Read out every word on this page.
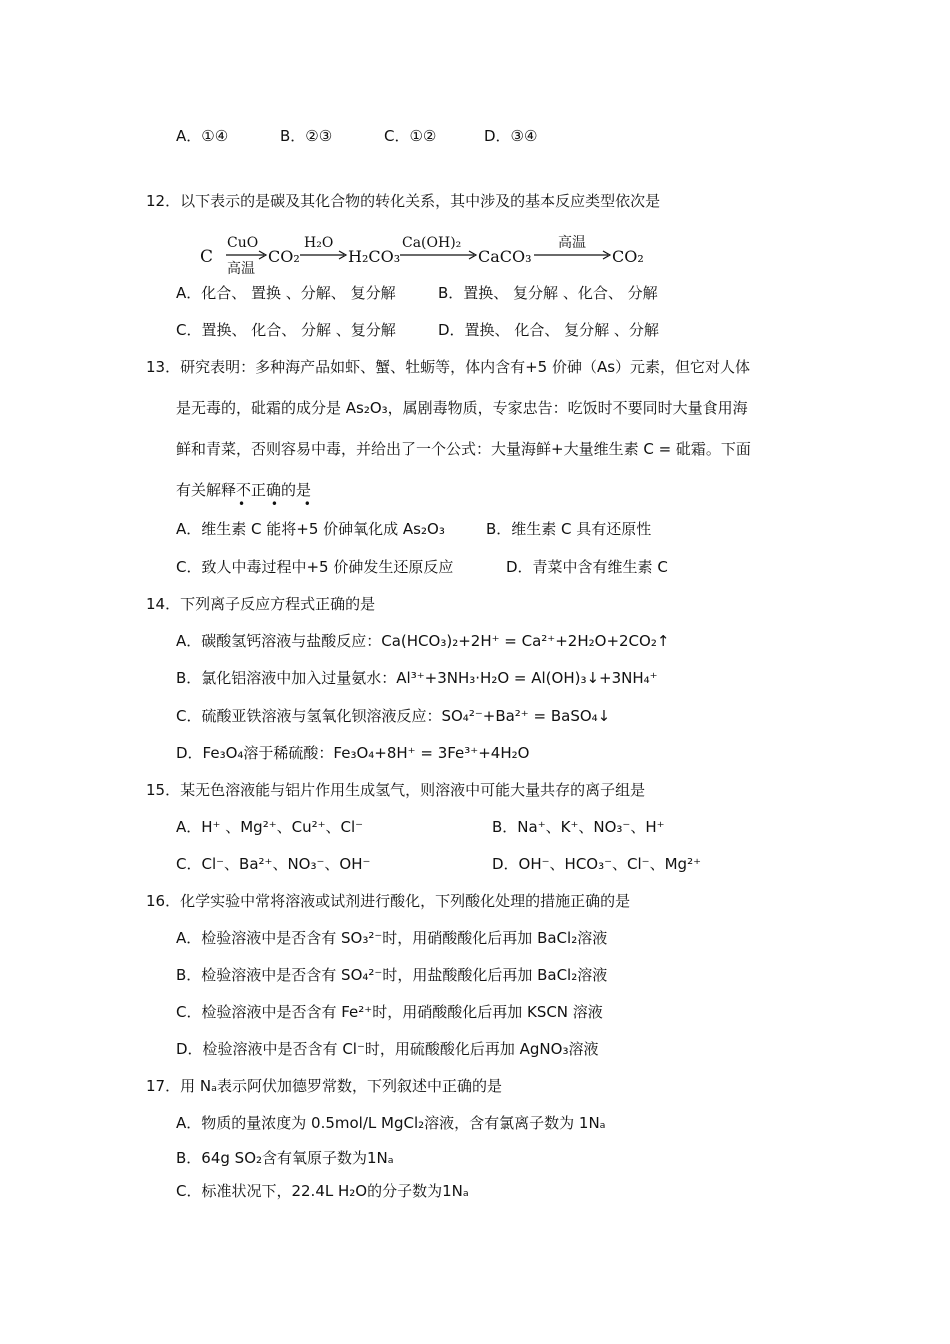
A．①④	B．②③	C．①②	D．③④
12．以下表示的是碳及其化合物的转化关系，其中涉及的基本反应类型依次是
C
CuO
高温
CO₂
H₂O
H₂CO₃
Ca(OH)₂
CaCO₃
高温
CO₂
A．化合、 置换 、分解、 复分解	B．置换、 复分解 、化合、 分解
C．置换、 化合、 分解 、复分解	D．置换、 化合、 复分解 、分解
13．研究表明：多种海产品如虾、蟹、牡蛎等，体内含有+5 价砷（As）元素，但它对人体
是无毒的，砒霜的成分是 As₂O₃，属剧毒物质，专家忠告：吃饭时不要同时大量食用海
鲜和青菜，否则容易中毒，并给出了一个公式：大量海鲜+大量维生素 C = 砒霜。下面
有关解释不正确的是
• • •
A．维生素 C 能将+5 价砷氧化成 As₂O₃	B．维生素 C 具有还原性
C．致人中毒过程中+5 价砷发生还原反应	D．青菜中含有维生素 C
14．下列离子反应方程式正确的是
A．碳酸氢钙溶液与盐酸反应：Ca(HCO₃)₂+2H⁺ = Ca²⁺+2H₂O+2CO₂↑
B．氯化铝溶液中加入过量氨水：Al³⁺+3NH₃·H₂O = Al(OH)₃↓+3NH₄⁺
C．硫酸亚铁溶液与氢氧化钡溶液反应：SO₄²⁻+Ba²⁺ = BaSO₄↓
D．Fe₃O₄溶于稀硫酸：Fe₃O₄+8H⁺ = 3Fe³⁺+4H₂O
15．某无色溶液能与铝片作用生成氢气，则溶液中可能大量共存的离子组是
A．H⁺ 、Mg²⁺、Cu²⁺、Cl⁻	B．Na⁺、K⁺、NO₃⁻、H⁺
C．Cl⁻、Ba²⁺、NO₃⁻、OH⁻	D．OH⁻、HCO₃⁻、Cl⁻、Mg²⁺
16．化学实验中常将溶液或试剂进行酸化，下列酸化处理的措施正确的是
A．检验溶液中是否含有 SO₃²⁻时，用硝酸酸化后再加 BaCl₂溶液
B．检验溶液中是否含有 SO₄²⁻时，用盐酸酸化后再加 BaCl₂溶液
C．检验溶液中是否含有 Fe²⁺时，用硝酸酸化后再加 KSCN 溶液
D．检验溶液中是否含有 Cl⁻时，用硫酸酸化后再加 AgNO₃溶液
17．用 Nₐ表示阿伏加德罗常数，下列叙述中正确的是
A．物质的量浓度为 0.5mol/L MgCl₂溶液，含有氯离子数为 1Nₐ
B．64g SO₂含有氧原子数为1Nₐ
C．标准状况下，22.4L H₂O的分子数为1Nₐ
